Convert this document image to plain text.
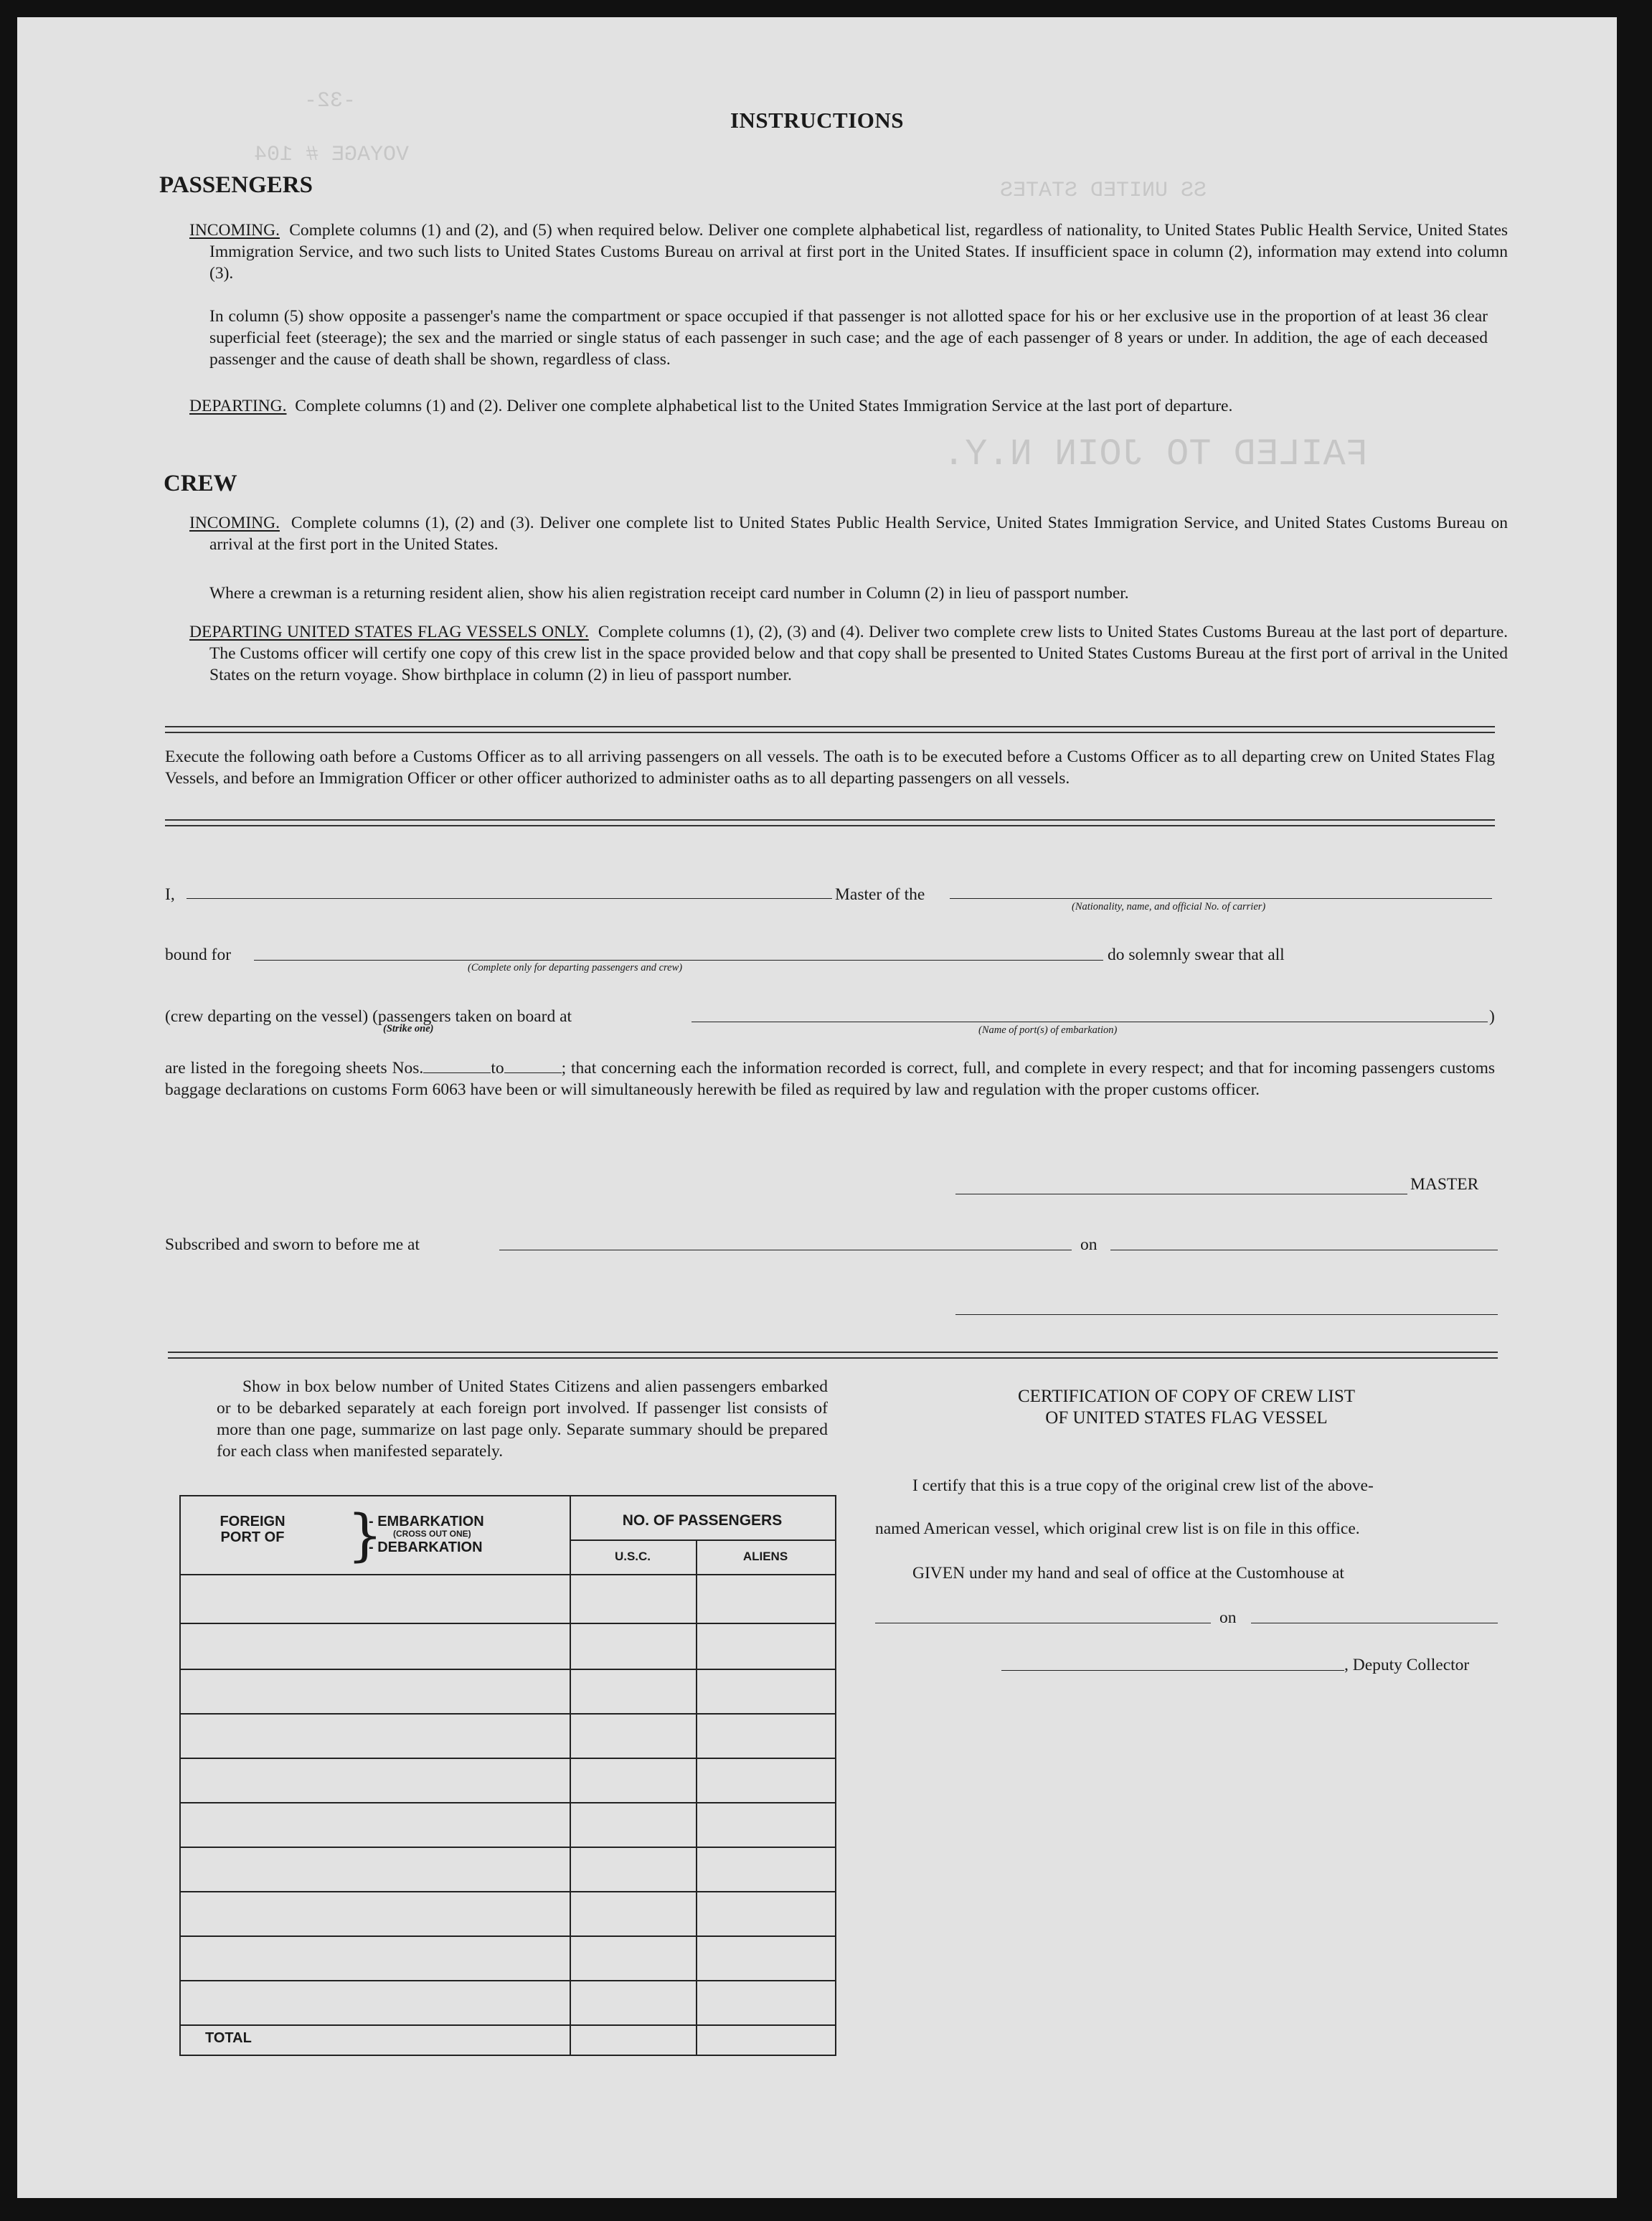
-32-
VOYAGE # 104
SS UNITED STATES
FAILED TO JOIN N.Y.
INSTRUCTIONS
PASSENGERS
INCOMING. Complete columns (1) and (2), and (5) when required below. Deliver one complete alphabetical list, regardless of nationality, to United States Public Health Service, United States Immigration Service, and two such lists to United States Customs Bureau on arrival at first port in the United States. If insufficient space in column (2), information may extend into column (3).
In column (5) show opposite a passenger's name the compartment or space occupied if that passenger is not allotted space for his or her exclusive use in the proportion of at least 36 clear superficial feet (steerage); the sex and the married or single status of each passenger in such case; and the age of each passenger of 8 years or under. In addition, the age of each deceased passenger and the cause of death shall be shown, regardless of class.
DEPARTING. Complete columns (1) and (2). Deliver one complete alphabetical list to the United States Immigration Service at the last port of departure.
CREW
INCOMING. Complete columns (1), (2) and (3). Deliver one complete list to United States Public Health Service, United States Immigration Service, and United States Customs Bureau on arrival at the first port in the United States.
Where a crewman is a returning resident alien, show his alien registration receipt card number in Column (2) in lieu of passport number.
DEPARTING UNITED STATES FLAG VESSELS ONLY. Complete columns (1), (2), (3) and (4). Deliver two complete crew lists to United States Customs Bureau at the last port of departure. The Customs officer will certify one copy of this crew list in the space provided below and that copy shall be presented to United States Customs Bureau at the first port of arrival in the United States on the return voyage. Show birthplace in column (2) in lieu of passport number.
Execute the following oath before a Customs Officer as to all arriving passengers on all vessels. The oath is to be executed before a Customs Officer as to all departing crew on United States Flag Vessels, and before an Immigration Officer or other officer authorized to administer oaths as to all departing passengers on all vessels.
I,	Master of the
(Nationality, name, and official No. of carrier)
bound for
(Complete only for departing passengers and crew)
do solemnly swear that all
(crew departing on the vessel) (passengers taken on board at	)
(Strike one)	(Name of port(s) of embarkation)
are listed in the foregoing sheets Nos.	to	; that concerning each the information recorded is correct, full, and complete in every respect; and that for incoming passengers customs baggage declarations on customs Form 6063 have been or will simultaneously herewith be filed as required by law and regulation with the proper customs officer.
MASTER
Subscribed and sworn to before me at	on
Show in box below number of United States Citizens and alien passengers embarked or to be debarked separately at each foreign port involved. If passenger list consists of more than one page, summarize on last page only. Separate summary should be prepared for each class when manifested separately.
FOREIGN PORT OF }
- EMBARKATION
(CROSS OUT ONE)
- DEBARKATION
NO. OF PASSENGERS
U.S.C.	ALIENS
TOTAL
CERTIFICATION OF COPY OF CREW LIST
OF UNITED STATES FLAG VESSEL
I certify that this is a true copy of the original crew list of the above-
named American vessel, which original crew list is on file in this office.
GIVEN under my hand and seal of office at the Customhouse at
on
, Deputy Collector
